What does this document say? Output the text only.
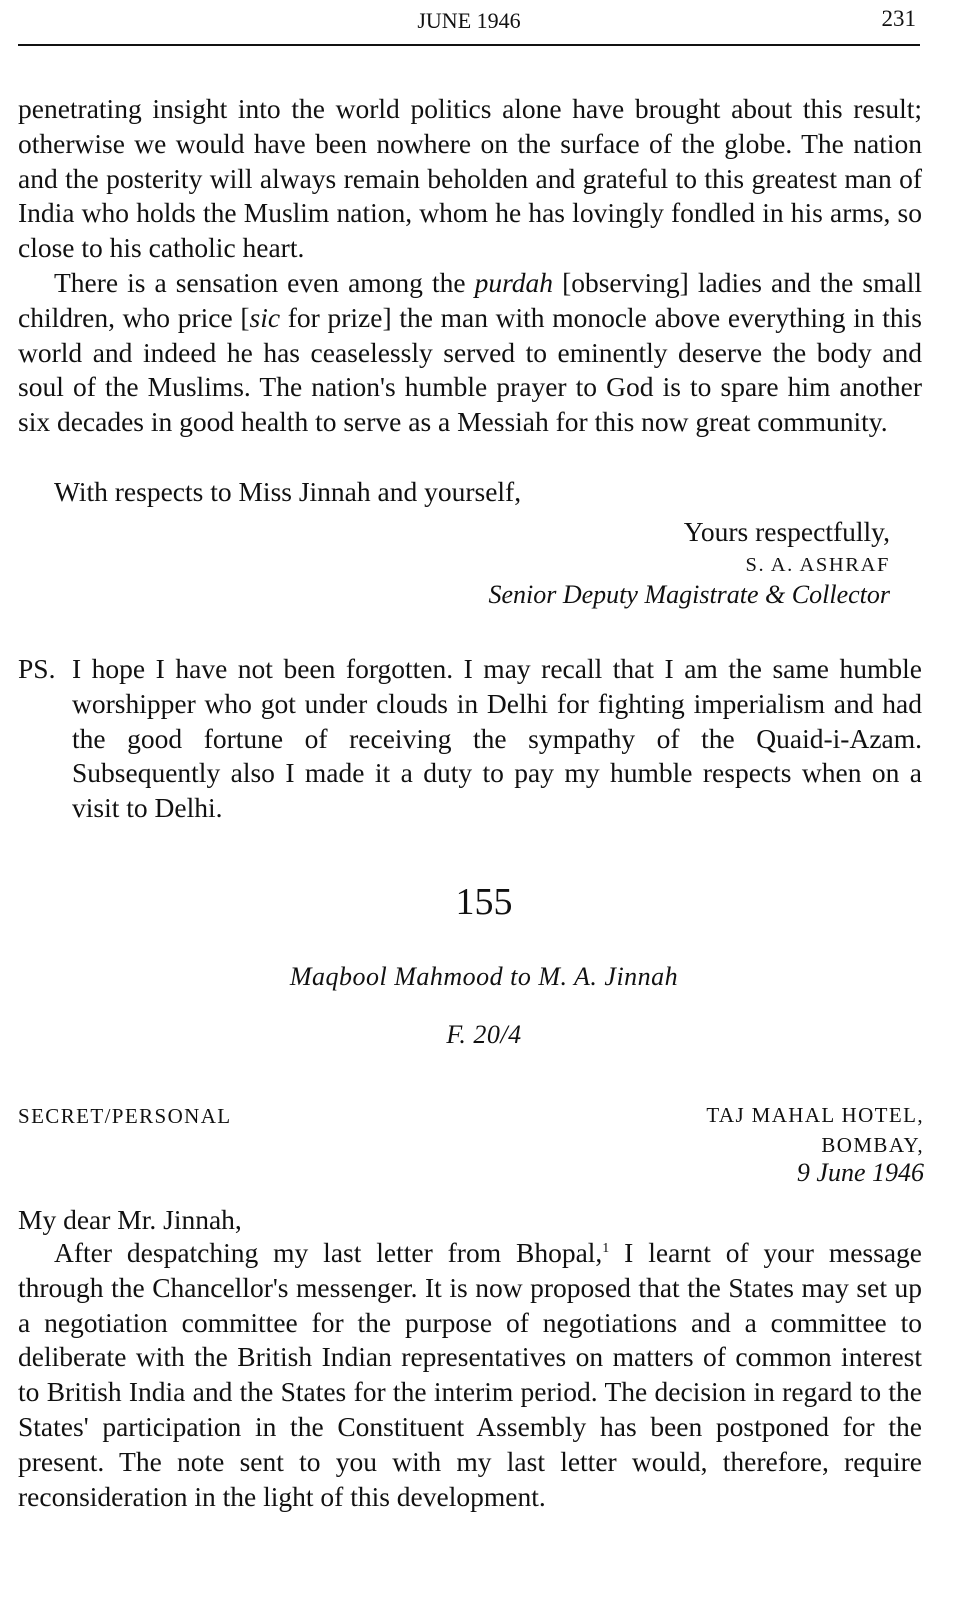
JUNE 1946	231

penetrating insight into the world politics alone have brought about this result; otherwise we would have been nowhere on the surface of the globe. The nation and the posterity will always remain beholden and grateful to this greatest man of India who holds the Muslim nation, whom he has lovingly fondled in his arms, so close to his catholic heart.

There is a sensation even among the purdah [observing] ladies and the small children, who price [sic for prize] the man with monocle above everything in this world and indeed he has ceaselessly served to eminently deserve the body and soul of the Muslims. The nation's humble prayer to God is to spare him another six decades in good health to serve as a Messiah for this now great community.

With respects to Miss Jinnah and yourself,

Yours respectfully,

S. A. ASHRAF

Senior Deputy Magistrate & Collector

PS. I hope I have not been forgotten. I may recall that I am the same humble worshipper who got under clouds in Delhi for fighting imperialism and had the good fortune of receiving the sympathy of the Quaid-i-Azam. Subsequently also I made it a duty to pay my humble respects when on a visit to Delhi.

155
Maqbool Mahmood to M. A. Jinnah
F. 20/4
SECRET/PERSONAL	TAJ MAHAL HOTEL,
BOMBAY,
9 June 1946
My dear Mr. Jinnah,

After despatching my last letter from Bhopal,$^1$ I learnt of your message through the Chancellor's messenger. It is now proposed that the States may set up a negotiation committee for the purpose of negotiations and a committee to deliberate with the British Indian representatives on matters of common interest to British India and the States for the interim period. The decision in regard to the States' participation in the Constituent Assembly has been postponed for the present. The note sent to you with my last letter would, therefore, require reconsideration in the light of this development.
